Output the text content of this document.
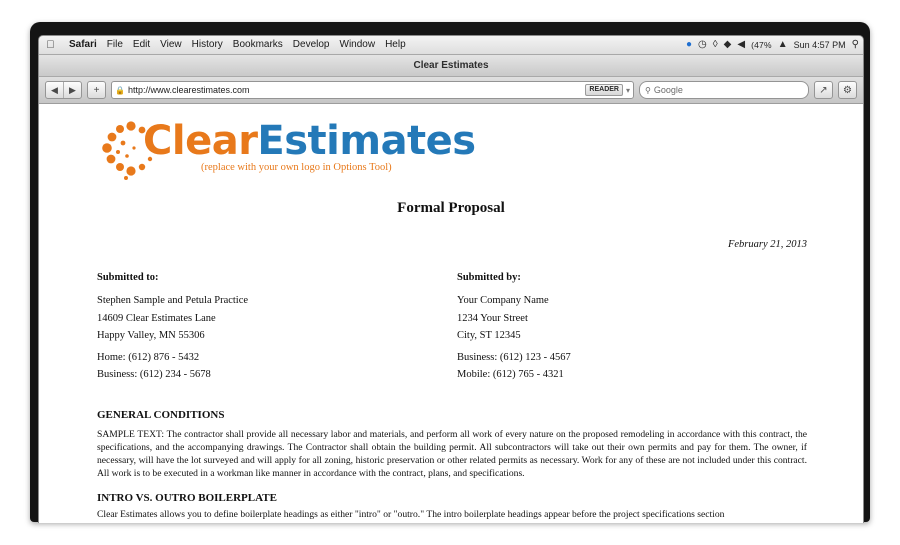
Safari	File	Edit	View	History	Bookmarks	Develop	Window	Help	● ◷ ◊ ◆ ◀ (47% ▲ Sun 4:57 PM ⚲
Clear Estimates
◀	▶	+	🔒 http://www.clearestimates.com	READER ▾ ⚲ Google	↗	⚙
ClearEstimates
(replace with your own logo in Options Tool)
Formal Proposal
February 21, 2013
Submitted to:
Stephen Sample and Petula Practice
14609 Clear Estimates Lane
Happy Valley, MN 55306
Home: (612) 876 - 5432
Business: (612) 234 - 5678
Submitted by:
Your Company Name
1234 Your Street
City, ST 12345
Business: (612) 123 - 4567
Mobile: (612) 765 - 4321
GENERAL CONDITIONS
SAMPLE TEXT: The contractor shall provide all necessary labor and materials, and perform all work of every nature on the proposed remodeling in accordance with this contract, the specifications, and the accompanying drawings. The Contractor shall obtain the building permit. All subcontractors will take out their own permits and pay for them. The owner, if necessary, will have the lot surveyed and will apply for all zoning, historic preservation or other related permits as necessary. Work for any of these are not included under this contract. All work is to be executed in a workman like manner in accordance with the contract, plans, and specifications.
INTRO VS. OUTRO BOILERPLATE
Clear Estimates allows you to define boilerplate headings as either "intro" or "outro." The intro boilerplate headings appear before the project specifications section
